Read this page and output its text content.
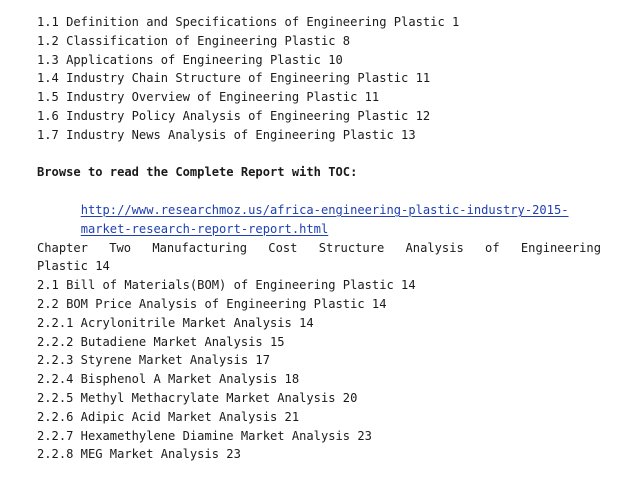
1.1 Definition and Specifications of Engineering Plastic 1
1.2 Classification of Engineering Plastic 8
1.3 Applications of Engineering Plastic 10
1.4 Industry Chain Structure of Engineering Plastic 11
1.5 Industry Overview of Engineering Plastic 11
1.6 Industry Policy Analysis of Engineering Plastic 12
1.7 Industry News Analysis of Engineering Plastic 13
Browse to read the Complete Report with TOC:

http://www.researchmoz.us/africa-engineering-plastic-industry-2015-

market-research-report-report.html

Chapter Two Manufacturing Cost Structure Analysis of Engineering
Plastic 14
2.1 Bill of Materials(BOM) of Engineering Plastic 14
2.2 BOM Price Analysis of Engineering Plastic 14
2.2.1 Acrylonitrile Market Analysis 14
2.2.2 Butadiene Market Analysis 15
2.2.3 Styrene Market Analysis 17
2.2.4 Bisphenol A Market Analysis 18
2.2.5 Methyl Methacrylate Market Analysis 20
2.2.6 Adipic Acid Market Analysis 21
2.2.7 Hexamethylene Diamine Market Analysis 23
2.2.8 MEG Market Analysis 23
